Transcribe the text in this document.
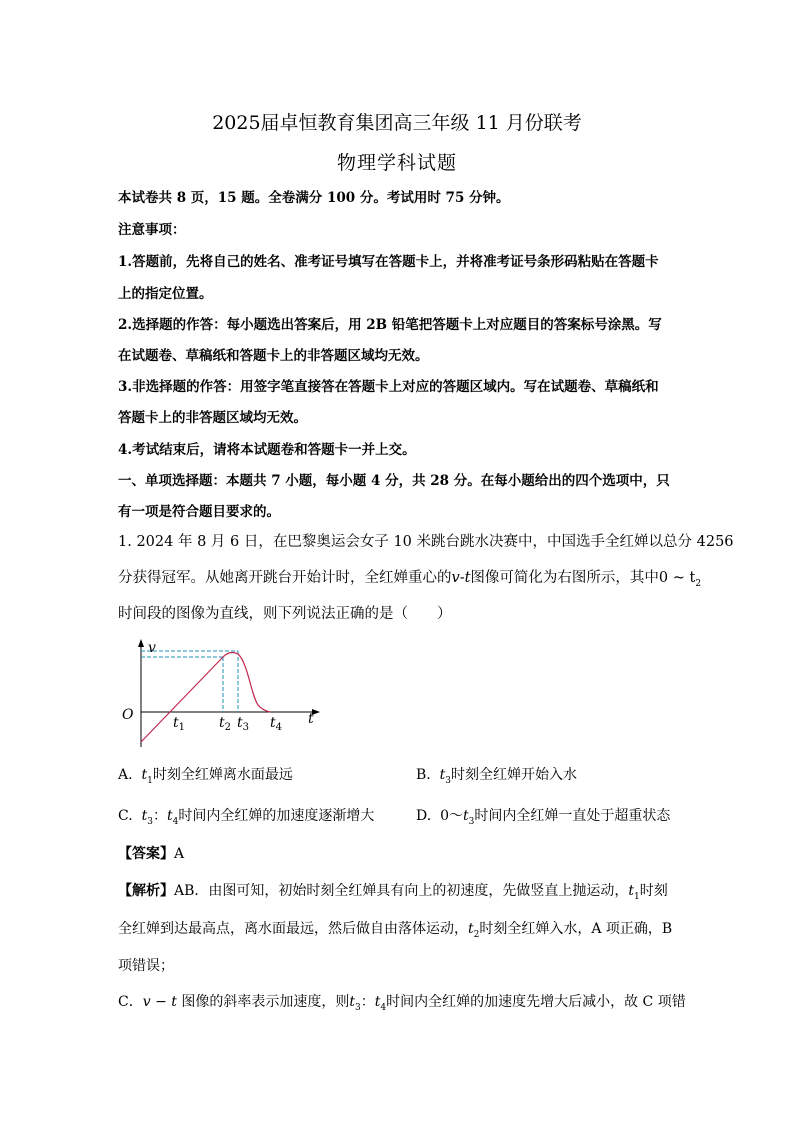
2025届卓恒教育集团高三年级 11 月份联考
物理学科试题
本试卷共 8 页，15 题。全卷满分 100 分。考试用时 75 分钟。
注意事项：
1.答题前，先将自己的姓名、准考证号填写在答题卡上，并将准考证号条形码粘贴在答题卡
上的指定位置。
2.选择题的作答：每小题选出答案后，用 2B 铅笔把答题卡上对应题目的答案标号涂黑。写
在试题卷、草稿纸和答题卡上的非答题区域均无效。
3.非选择题的作答：用签字笔直接答在答题卡上对应的答题区域内。写在试题卷、草稿纸和
答题卡上的非答题区域均无效。
4.考试结束后，请将本试题卷和答题卡一并上交。
一、单项选择题：本题共 7 小题，每小题 4 分，共 28 分。在每小题给出的四个选项中，只
有一项是符合题目要求的。
1. 2024 年 8 月 6 日，在巴黎奥运会女子 10 米跳台跳水决赛中，中国选手全红婵以总分 4256
分获得冠军。从她离开跳台开始计时，全红婵重心的v-t图像可简化为右图所示，其中0 ~ $t_2$
时间段的图像为直线，则下列说法正确的是（　　）
v
O	t
$t_1$ $t_2$ $t_3$ $t_4$
A. $t_1$时刻全红婵离水面最远	B. $t_3$时刻全红婵开始入水
C. $t_3$：$t_4$时间内全红婵的加速度逐渐增大	D. $0\sim t_3$时间内全红婵一直处于超重状态
【答案】A
【解析】AB．由图可知，初始时刻全红婵具有向上的初速度，先做竖直上抛运动，$t_1$时刻
全红婵到达最高点，离水面最远，然后做自由落体运动，$t_2$时刻全红婵入水，A 项正确，B
项错误；
C．v − t 图像的斜率表示加速度，则$t_3$：$t_4$时间内全红婵的加速度先增大后减小，故 C 项错
